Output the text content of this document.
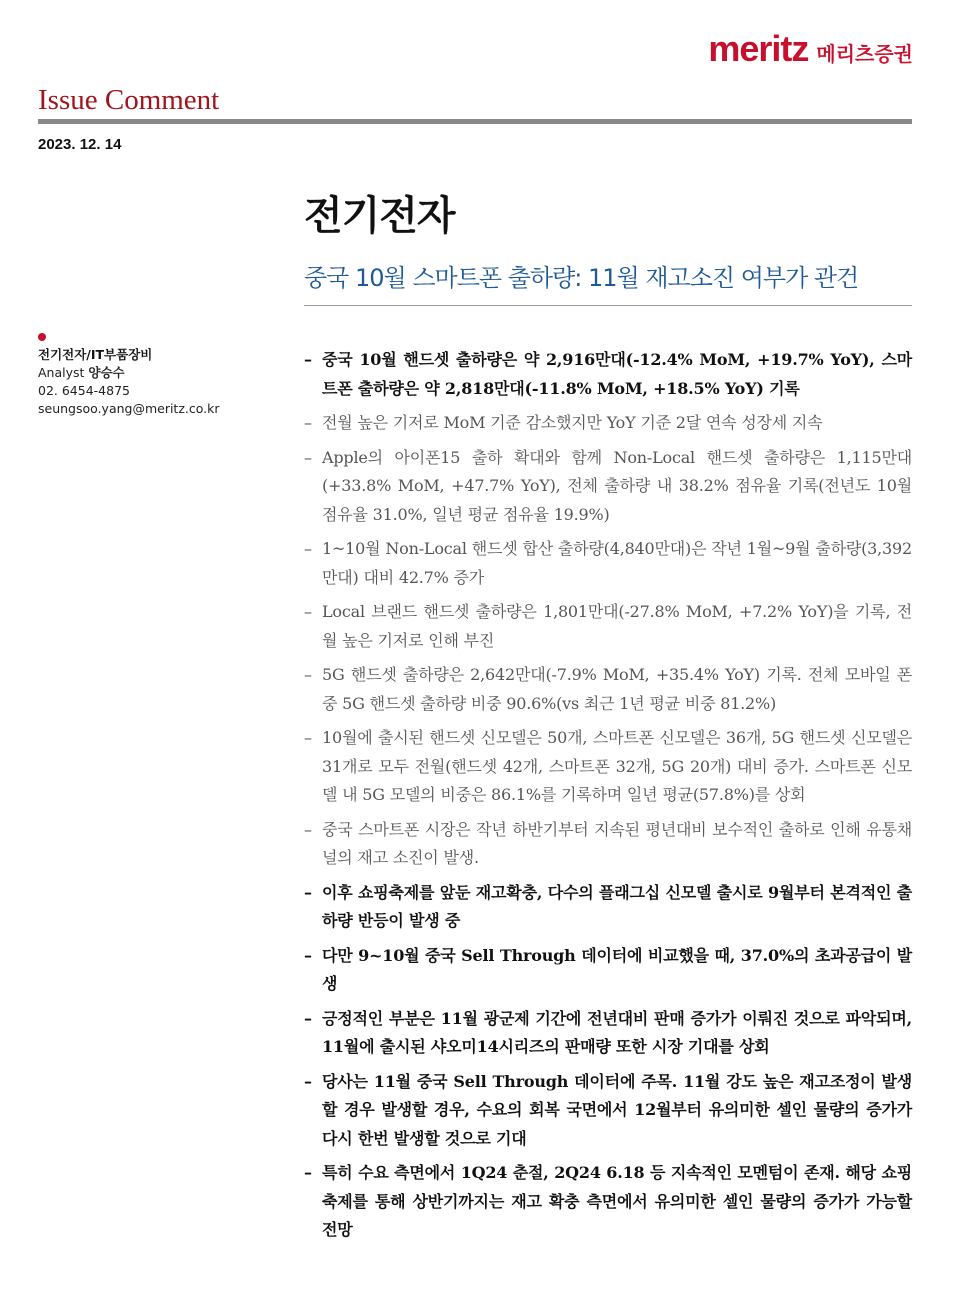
meritz 메리츠증권
Issue Comment
2023. 12. 14
전기전자
중국 10월 스마트폰 출하량: 11월 재고소진 여부가 관건
전기전자/IT부품장비
Analyst 양승수
02. 6454-4875
seungsoo.yang@meritz.co.kr
– 중국 10월 핸드셋 출하량은 약 2,916만대(-12.4% MoM, +19.7% YoY), 스마트폰 출하량은 약 2,818만대(-11.8% MoM, +18.5% YoY) 기록
– 전월 높은 기저로 MoM 기준 감소했지만 YoY 기준 2달 연속 성장세 지속
– Apple의 아이폰15 출하 확대와 함께 Non-Local 핸드셋 출하량은 1,115만대(+33.8% MoM, +47.7% YoY), 전체 출하량 내 38.2% 점유율 기록(전년도 10월 점유율 31.0%, 일년 평균 점유율 19.9%)
– 1~10월 Non-Local 핸드셋 합산 출하량(4,840만대)은 작년 1월~9월 출하량(3,392만대) 대비 42.7% 증가
– Local 브랜드 핸드셋 출하량은 1,801만대(-27.8% MoM, +7.2% YoY)을 기록, 전월 높은 기저로 인해 부진
– 5G 핸드셋 출하량은 2,642만대(-7.9% MoM, +35.4% YoY) 기록. 전체 모바일 폰 중 5G 핸드셋 출하량 비중 90.6%(vs 최근 1년 평균 비중 81.2%)
– 10월에 출시된 핸드셋 신모델은 50개, 스마트폰 신모델은 36개, 5G 핸드셋 신모델은 31개로 모두 전월(핸드셋 42개, 스마트폰 32개, 5G 20개) 대비 증가. 스마트폰 신모델 내 5G 모델의 비중은 86.1%를 기록하며 일년 평균(57.8%)를 상회
– 중국 스마트폰 시장은 작년 하반기부터 지속된 평년대비 보수적인 출하로 인해 유통채널의 재고 소진이 발생.
– 이후 쇼핑축제를 앞둔 재고확충, 다수의 플래그십 신모델 출시로 9월부터 본격적인 출하량 반등이 발생 중
– 다만 9~10월 중국 Sell Through 데이터에 비교했을 때, 37.0%의 초과공급이 발생
– 긍정적인 부분은 11월 광군제 기간에 전년대비 판매 증가가 이뤄진 것으로 파악되며, 11월에 출시된 샤오미14시리즈의 판매량 또한 시장 기대를 상회
– 당사는 11월 중국 Sell Through 데이터에 주목. 11월 강도 높은 재고조정이 발생할 경우 발생할 경우, 수요의 회복 국면에서 12월부터 유의미한 셀인 물량의 증가가 다시 한번 발생할 것으로 기대
– 특히 수요 측면에서 1Q24 춘절, 2Q24 6.18 등 지속적인 모멘텀이 존재. 해당 쇼핑 축제를 통해 상반기까지는 재고 확충 측면에서 유의미한 셀인 물량의 증가가 가능할 전망
